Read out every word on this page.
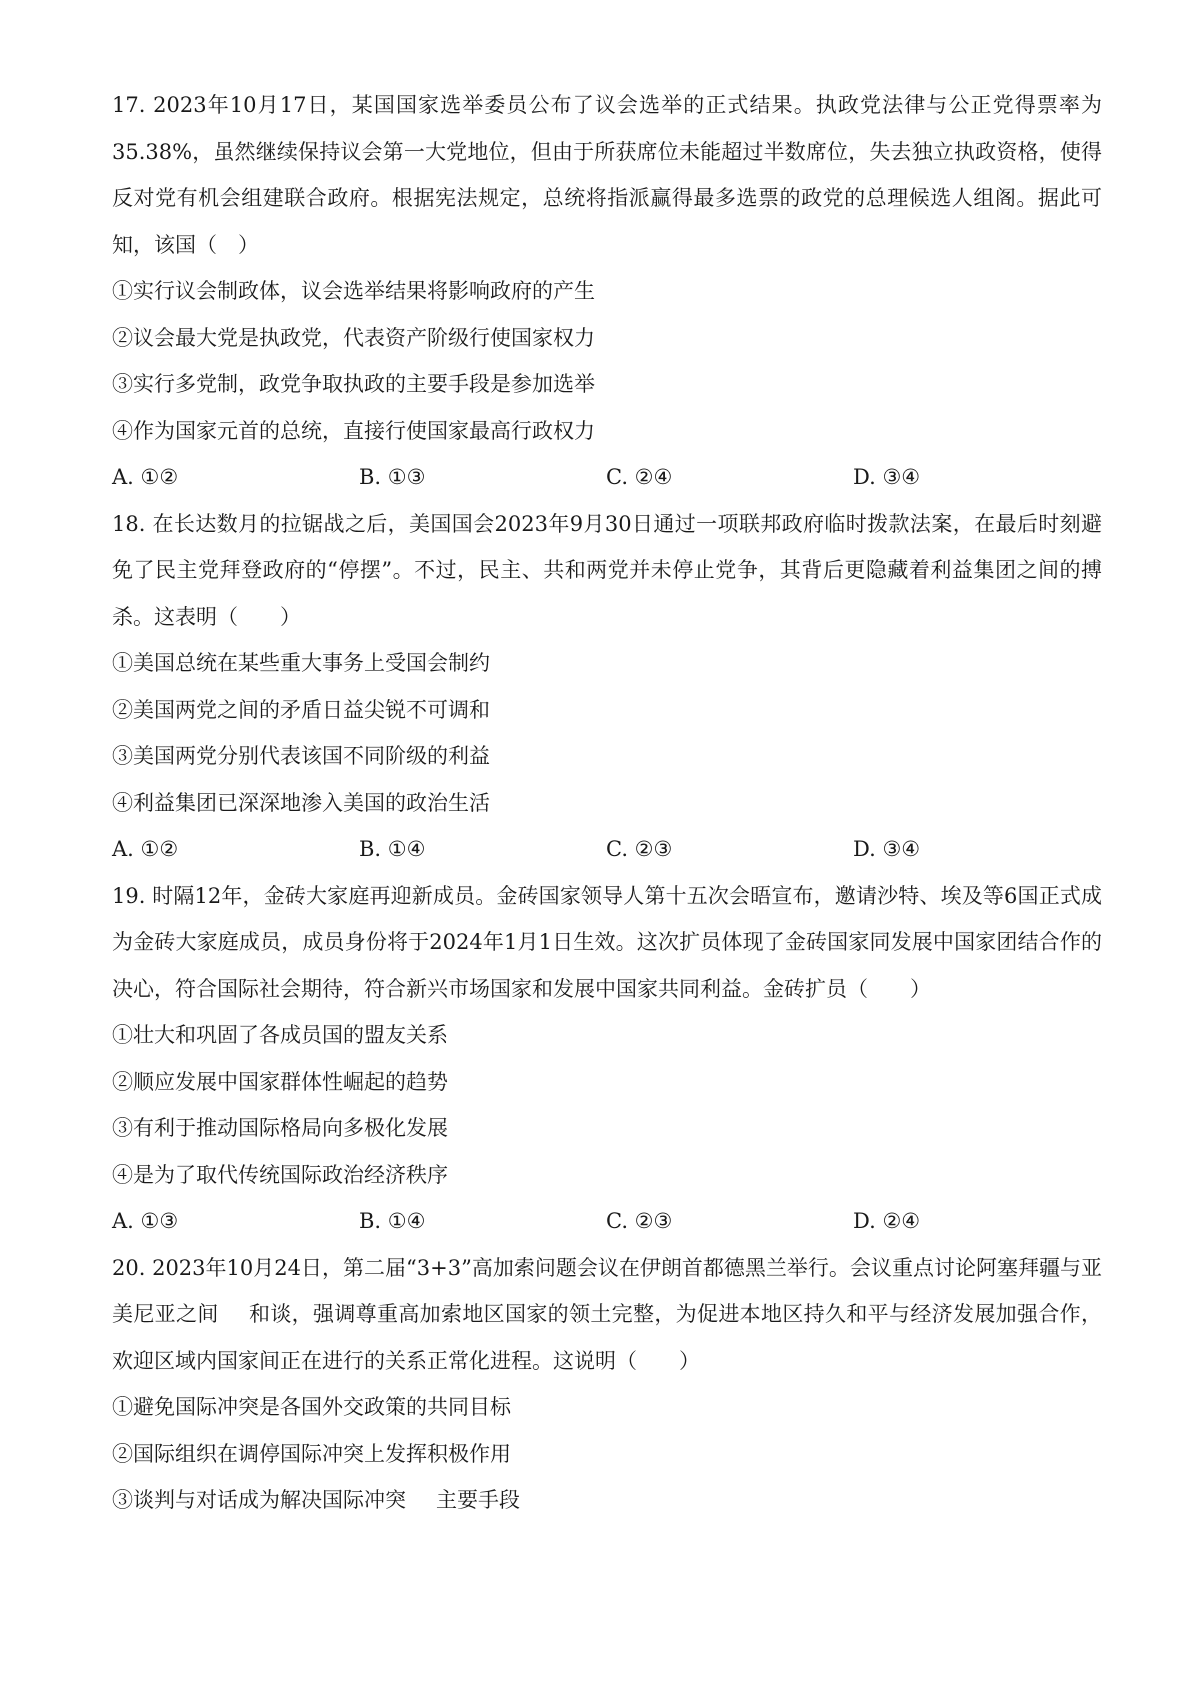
17. 2023年10月17日，某国国家选举委员公布了议会选举的正式结果。执政党法律与公正党得票率为35.38%，虽然继续保持议会第一大党地位，但由于所获席位未能超过半数席位，失去独立执政资格，使得反对党有机会组建联合政府。根据宪法规定，总统将指派赢得最多选票的政党的总理候选人组阁。据此可知，该国（　）

①实行议会制政体，议会选举结果将影响政府的产生

②议会最大党是执政党，代表资产阶级行使国家权力

③实行多党制，政党争取执政的主要手段是参加选举

④作为国家元首的总统，直接行使国家最高行政权力

A. ①②	B. ①③	C. ②④	D. ③④

18. 在长达数月的拉锯战之后，美国国会2023年9月30日通过一项联邦政府临时拨款法案，在最后时刻避免了民主党拜登政府的“停摆”。不过，民主、共和两党并未停止党争，其背后更隐藏着利益集团之间的搏杀。这表明（　　）

①美国总统在某些重大事务上受国会制约

②美国两党之间的矛盾日益尖锐不可调和

③美国两党分别代表该国不同阶级的利益

④利益集团已深深地渗入美国的政治生活

A. ①②	B. ①④	C. ②③	D. ③④

19. 时隔12年，金砖大家庭再迎新成员。金砖国家领导人第十五次会晤宣布，邀请沙特、埃及等6国正式成为金砖大家庭成员，成员身份将于2024年1月1日生效。这次扩员体现了金砖国家同发展中国家团结合作的决心，符合国际社会期待，符合新兴市场国家和发展中国家共同利益。金砖扩员（　　）

①壮大和巩固了各成员国的盟友关系

②顺应发展中国家群体性崛起的趋势

③有利于推动国际格局向多极化发展

④是为了取代传统国际政治经济秩序

A. ①③	B. ①④	C. ②③	D. ②④

20. 2023年10月24日，第二届“3+3”高加索问题会议在伊朗首都德黑兰举行。会议重点讨论阿塞拜疆与亚美尼亚之间 和谈，强调尊重高加索地区国家的领土完整，为促进本地区持久和平与经济发展加强合作，欢迎区域内国家间正在进行的关系正常化进程。这说明（　　）

①避免国际冲突是各国外交政策的共同目标

②国际组织在调停国际冲突上发挥积极作用

③谈判与对话成为解决国际冲突 主要手段
